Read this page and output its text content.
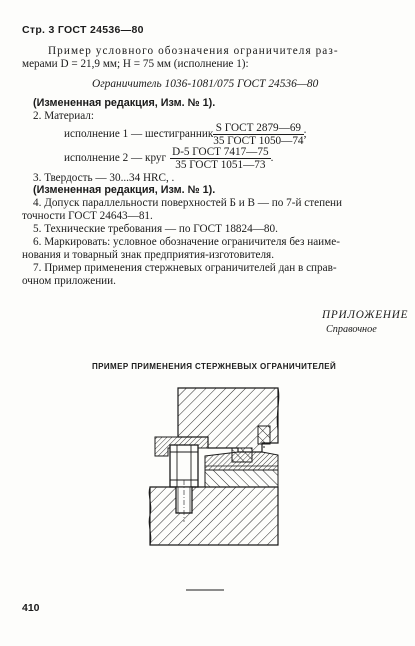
Стр. 3 ГОСТ 24536—80
Пример условного обозначения ограничителя раз-
мерами D = 21,9 мм; H = 75 мм (исполнение 1):
Ограничитель 1036-1081/075 ГОСТ 24536—80
(Измененная редакция, Изм. № 1).
2. Материал:
исполнение 1 — шестигранник $\frac{\text{S ГОСТ 2879—69}}{\text{35 ГОСТ 1050—74}}$ ;
исполнение 2 — круг $\frac{\text{D-5 ГОСТ 7417—75}}{\text{35 ГОСТ 1051—73}}$ .
3. Твердость — 30...34 HRC, .
(Измененная редакция, Изм. № 1).
4. Допуск параллельности поверхностей Б и В — по 7-й степени
точности ГОСТ 24643—81.
5. Технические требования — по ГОСТ 18824—80.
6. Маркировать: условное обозначение ограничителя без наиме-
нования и товарный знак предприятия-изготовителя.
7. Пример применения стержневых ограничителей дан в справ-
очном приложении.
ПРИЛОЖЕНИЕ
Справочное
ПРИМЕР ПРИМЕНЕНИЯ СТЕРЖНЕВЫХ ОГРАНИЧИТЕЛЕЙ
410
